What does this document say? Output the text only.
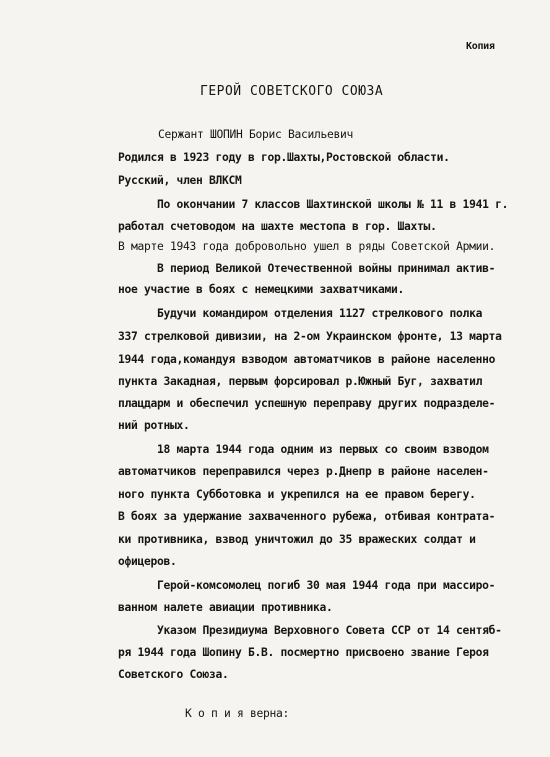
Копия
ГЕРОЙ СОВЕТСКОГО СОЮЗА
Сержант ШОПИН Борис Васильевич
Родился в 1923 году в гор.Шахты,Ростовской области.
Русский, член ВЛКСМ
По окончании 7 классов Шахтинской школы № 11 в 1941 г.
работал счетоводом на шахте местопа в гор. Шахты.
В марте 1943 года добровольно ушел в ряды Советской Армии.
В период Великой Отечественной войны принимал актив-
ное участие в боях с немецкими захватчиками.
Будучи командиром отделения 1127 стрелкового полка
337 стрелковой дивизии, на 2-ом Украинском фронте, 13 марта
1944 года,командуя взводом автоматчиков в районе населенно
пункта Закадная, первым форсировал р.Южный Буг, захватил
плацдарм и обеспечил успешную переправу других подразделе-
ний ротных.
18 марта 1944 года одним из первых со своим взводом
автоматчиков переправился через р.Днепр в районе населен-
ного пункта Субботовка и укрепился на ее правом берегу.
В боях за удержание захваченного рубежа, отбивая контрата-
ки противника, взвод уничтожил до 35 вражеских солдат и
офицеров.
Герой-комсомолец погиб 30 мая 1944 года при массиро-
ванном налете авиации противника.
Указом Президиума Верховного Совета ССР от 14 сентяб-
ря 1944 года Шопину Б.В. посмертно присвоено звание Героя
Советского Союза.
К о п и я верна:
